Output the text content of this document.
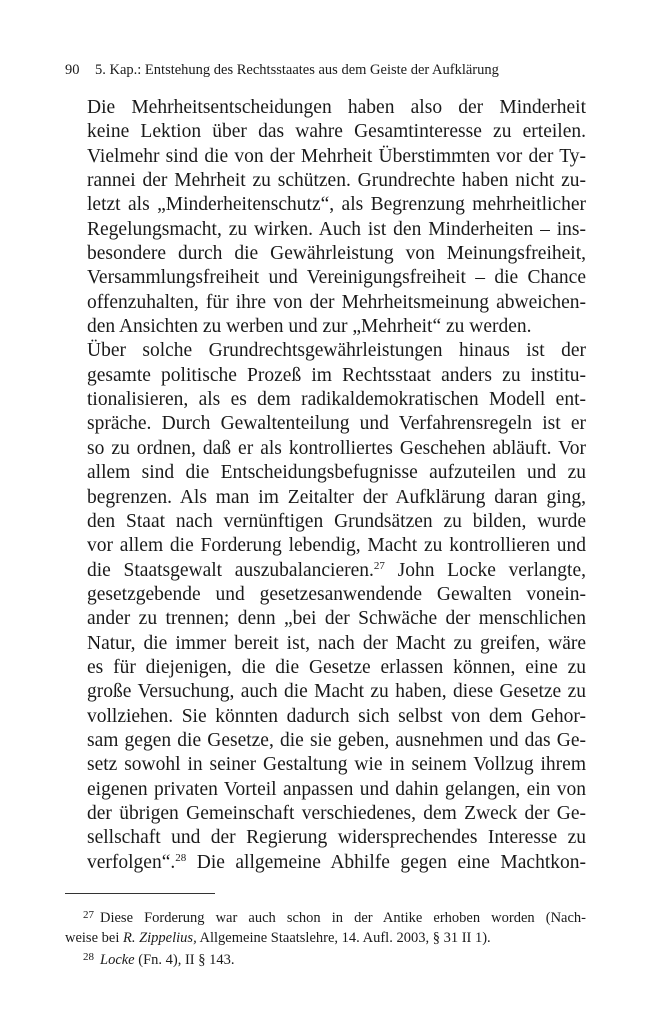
90 5. Kap.: Entstehung des Rechtsstaates aus dem Geiste der Aufklärung

Die Mehrheitsentscheidungen haben also der Minderheit
keine Lektion über das wahre Gesamtinteresse zu erteilen.
Vielmehr sind die von der Mehrheit Überstimmten vor der Ty-
rannei der Mehrheit zu schützen. Grundrechte haben nicht zu-
letzt als „Minderheitenschutz“, als Begrenzung mehrheitlicher
Regelungsmacht, zu wirken. Auch ist den Minderheiten – ins-
besondere durch die Gewährleistung von Meinungsfreiheit,
Versammlungsfreiheit und Vereinigungsfreiheit – die Chance
offenzuhalten, für ihre von der Mehrheitsmeinung abweichen-
den Ansichten zu werben und zur „Mehrheit“ zu werden.

Über solche Grundrechtsgewährleistungen hinaus ist der
gesamte politische Prozeß im Rechtsstaat anders zu institu-
tionalisieren, als es dem radikaldemokratischen Modell ent-
spräche. Durch Gewaltenteilung und Verfahrensregeln ist er
so zu ordnen, daß er als kontrolliertes Geschehen abläuft. Vor
allem sind die Entscheidungsbefugnisse aufzuteilen und zu
begrenzen. Als man im Zeitalter der Aufklärung daran ging,
den Staat nach vernünftigen Grundsätzen zu bilden, wurde
vor allem die Forderung lebendig, Macht zu kontrollieren und
die Staatsgewalt auszubalancieren.$^{27}$ John Locke verlangte,
gesetzgebende und gesetzesanwendende Gewalten vonein-
ander zu trennen; denn „bei der Schwäche der menschlichen
Natur, die immer bereit ist, nach der Macht zu greifen, wäre
es für diejenigen, die die Gesetze erlassen können, eine zu
große Versuchung, auch die Macht zu haben, diese Gesetze zu
vollziehen. Sie könnten dadurch sich selbst von dem Gehor-
sam gegen die Gesetze, die sie geben, ausnehmen und das Ge-
setz sowohl in seiner Gestaltung wie in seinem Vollzug ihrem
eigenen privaten Vorteil anpassen und dahin gelangen, ein von
der übrigen Gemeinschaft verschiedenes, dem Zweck der Ge-
sellschaft und der Regierung widersprechendes Interesse zu
verfolgen“.$^{28}$ Die allgemeine Abhilfe gegen eine Machtkon-

$^{27}$ Diese Forderung war auch schon in der Antike erhoben worden (Nach-
weise bei R. Zippelius, Allgemeine Staatslehre, 14. Aufl. 2003, § 31 II 1).
$^{28}$ Locke (Fn. 4), II § 143.
